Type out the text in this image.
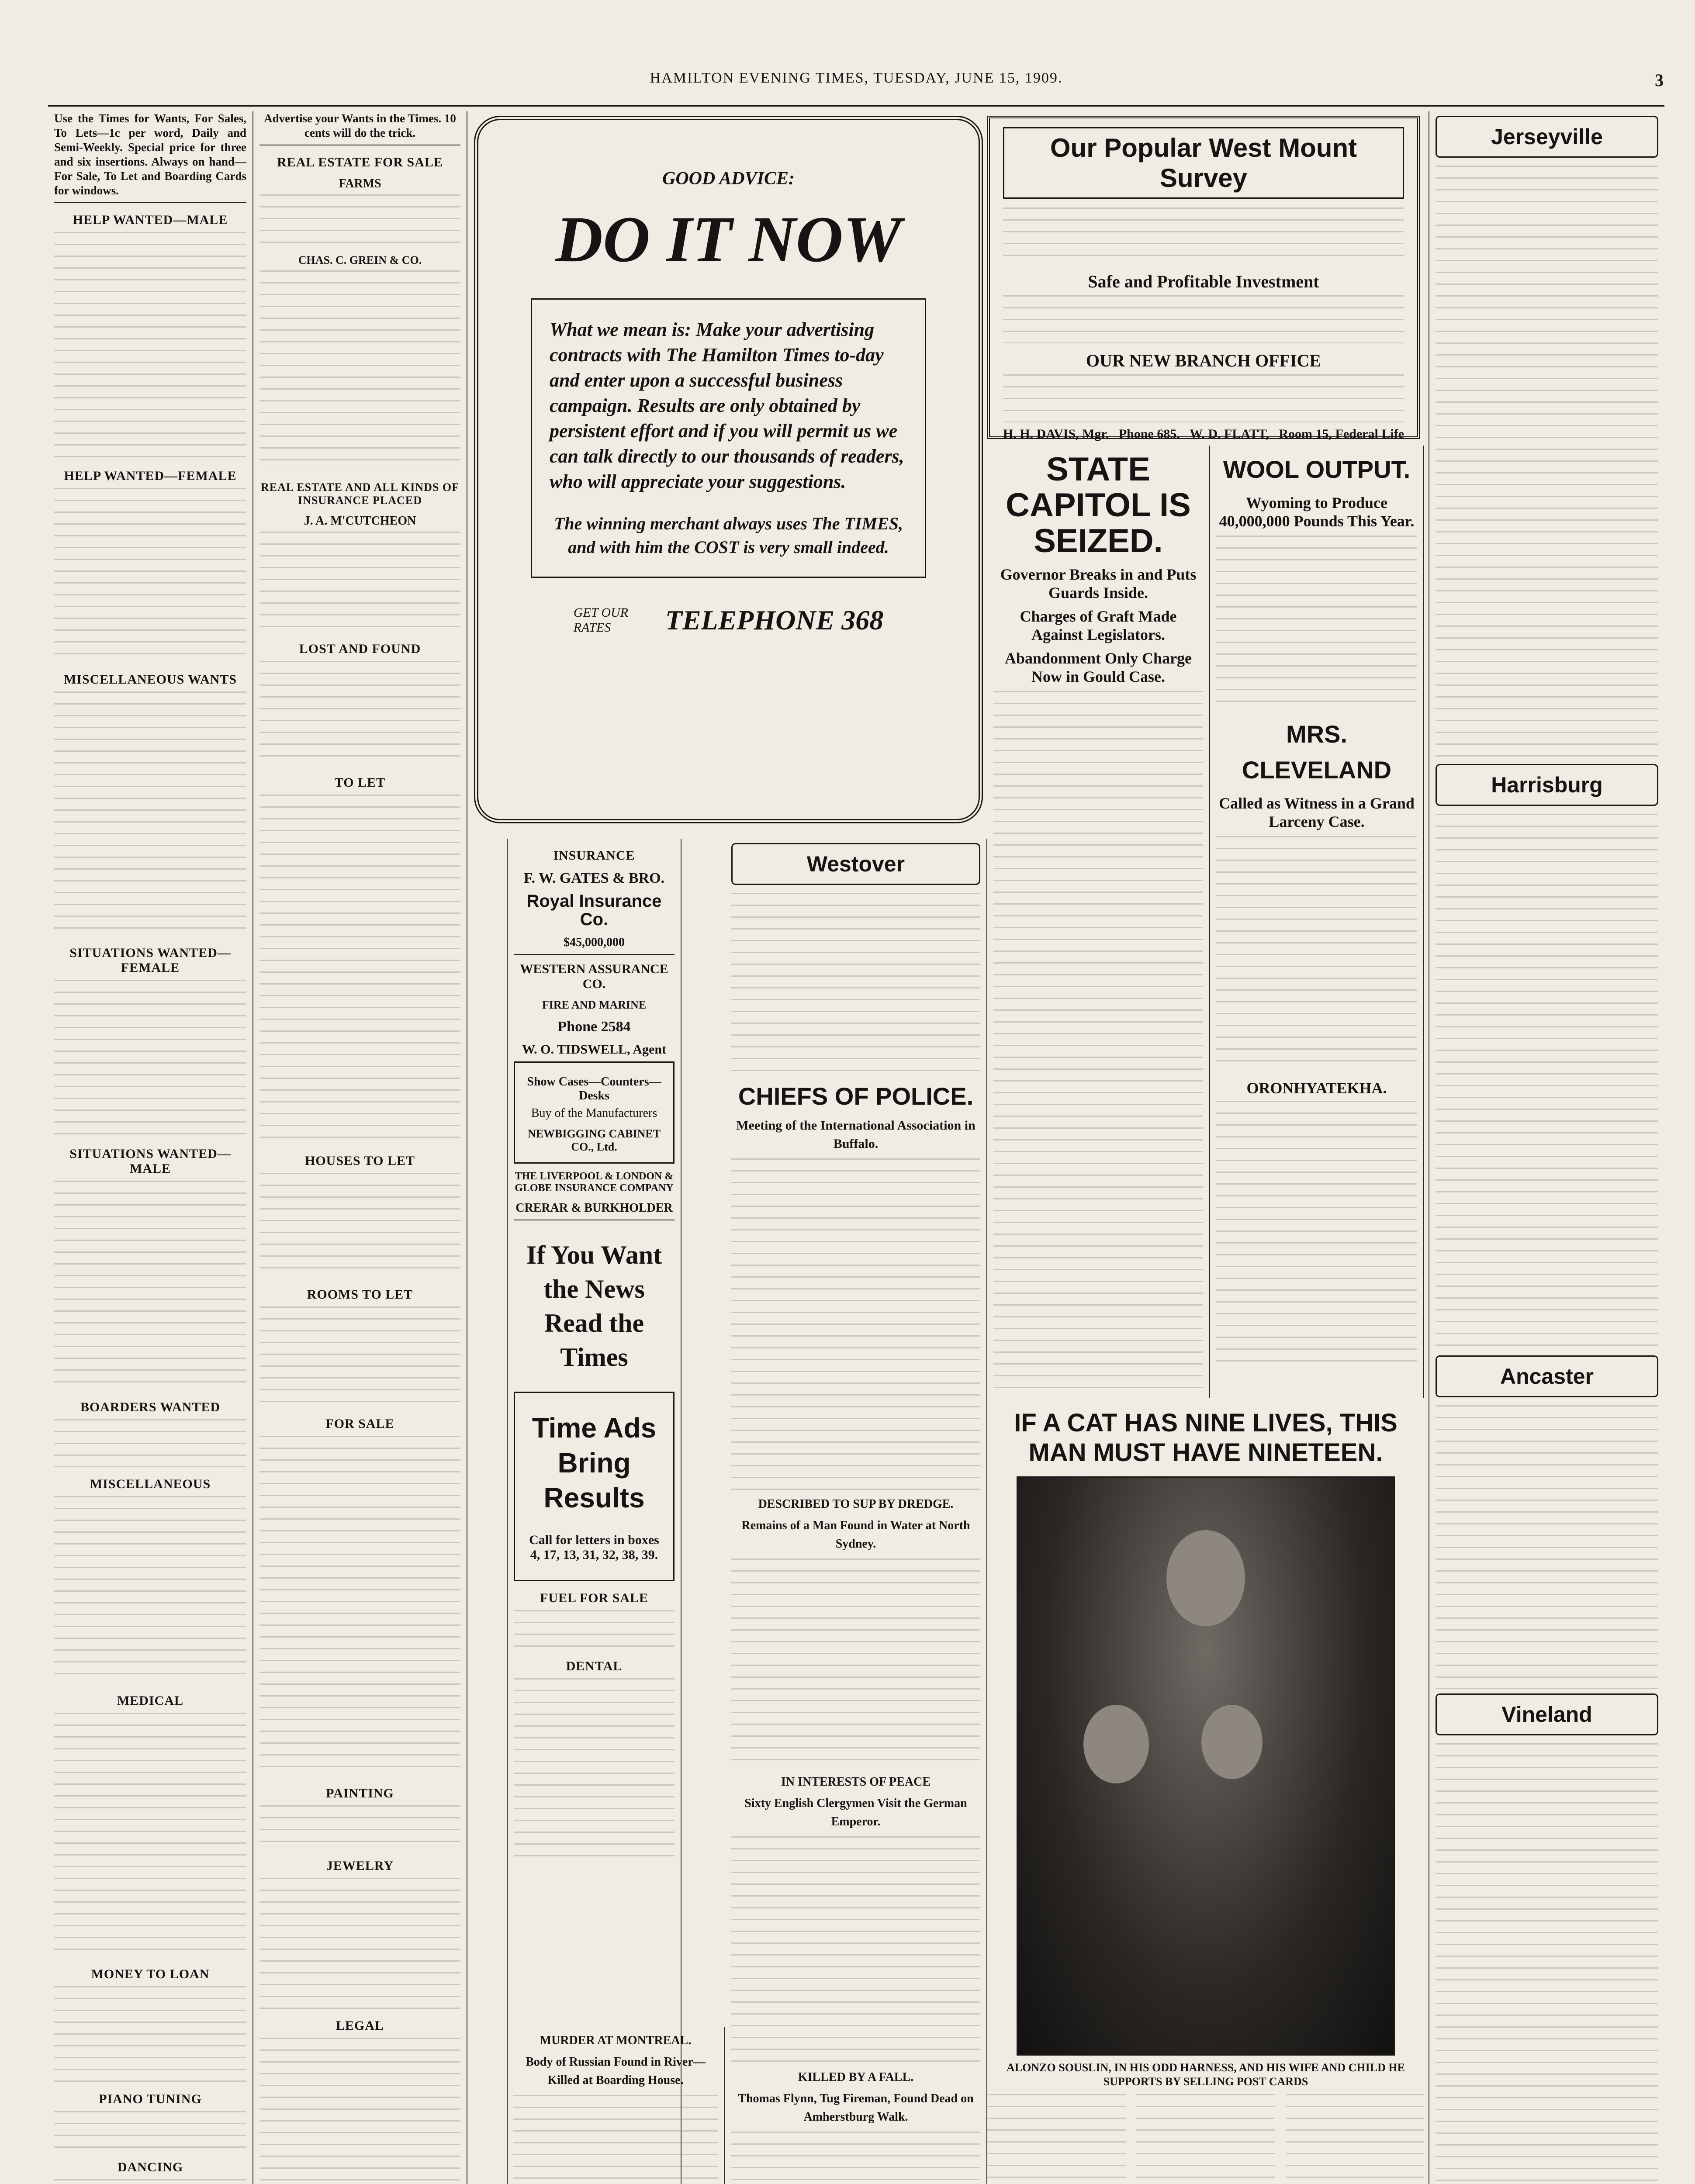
HAMILTON EVENING TIMES, TUESDAY, JUNE 15, 1909.	3
Use the Times for Wants, For Sales, To Lets—1c per word, Daily and Semi-Weekly. Special price for three and six insertions. Always on hand—For Sale, To Let and Boarding Cards for windows.
HELP WANTED—MALE
HELP WANTED—FEMALE
MISCELLANEOUS WANTS
SITUATIONS WANTED—FEMALE
SITUATIONS WANTED—MALE
BOARDERS WANTED
MISCELLANEOUS
MEDICAL
MONEY TO LOAN
PIANO TUNING
DANCING
Advertise your Wants in the Times. 10 cents will do the trick.
REAL ESTATE FOR SALE
FARMS
CHAS. C. GREIN & CO.
REAL ESTATE AND ALL KINDS OF INSURANCE PLACED
J. A. M'CUTCHEON
LOST AND FOUND
TO LET
HOUSES TO LET
ROOMS TO LET
FOR SALE
PAINTING
JEWELRY
LEGAL
GOOD ADVICE:
DO IT NOW
What we mean is: Make your advertising contracts with The Hamilton Times to-day and enter upon a successful business campaign. Results are only obtained by persistent effort and if you will permit us we can talk directly to our thousands of readers, who will appreciate your suggestions.
The winning merchant always uses The TIMES, and with him the COST is very small indeed.
GET OUR RATES	TELEPHONE 368
INSURANCE
F. W. GATES & BRO.
Royal Insurance Co.
$45,000,000
WESTERN ASSURANCE CO.
FIRE AND MARINE
Phone 2584
W. O. TIDSWELL, Agent
Show Cases—Counters—Desks
Buy of the Manufacturers
NEWBIGGING CABINET CO., Ltd.
THE LIVERPOOL & LONDON & GLOBE INSURANCE COMPANY
CRERAR & BURKHOLDER
If You Want the News Read the Times
Time Ads Bring Results
Call for letters in boxes
4, 17, 13, 31, 32, 38, 39.
FUEL FOR SALE
DENTAL
Westover
CHIEFS OF POLICE.
Meeting of the International Association in Buffalo.
DESCRIBED TO SUP BY DREDGE.
Remains of a Man Found in Water at North Sydney.
IN INTERESTS OF PEACE
Sixty English Clergymen Visit the German Emperor.
KILLED BY A FALL.
Thomas Flynn, Tug Fireman, Found Dead on Amherstburg Walk.
MURDER AT MONTREAL.
Body of Russian Found in River—Killed at Boarding House.
Our Popular West Mount Survey
Safe and Profitable Investment
OUR NEW BRANCH OFFICE
H. H. DAVIS, Mgr. Phone 685. W. D. FLATT, Room 15, Federal Life
STATE CAPITOL IS SEIZED.
Governor Breaks in and Puts Guards Inside.
Charges of Graft Made Against Legislators.
Abandonment Only Charge Now in Gould Case.
WOOL OUTPUT.
Wyoming to Produce 40,000,000 Pounds This Year.
MRS. CLEVELAND
Called as Witness in a Grand Larceny Case.
ORONHYATEKHA.
IF A CAT HAS NINE LIVES, THIS MAN MUST HAVE NINETEEN.
ALONZO SOUSLIN, IN HIS ODD HARNESS, AND HIS WIFE AND CHILD HE SUPPORTS BY SELLING POST CARDS
Jerseyville
Harrisburg
Ancaster
Vineland
